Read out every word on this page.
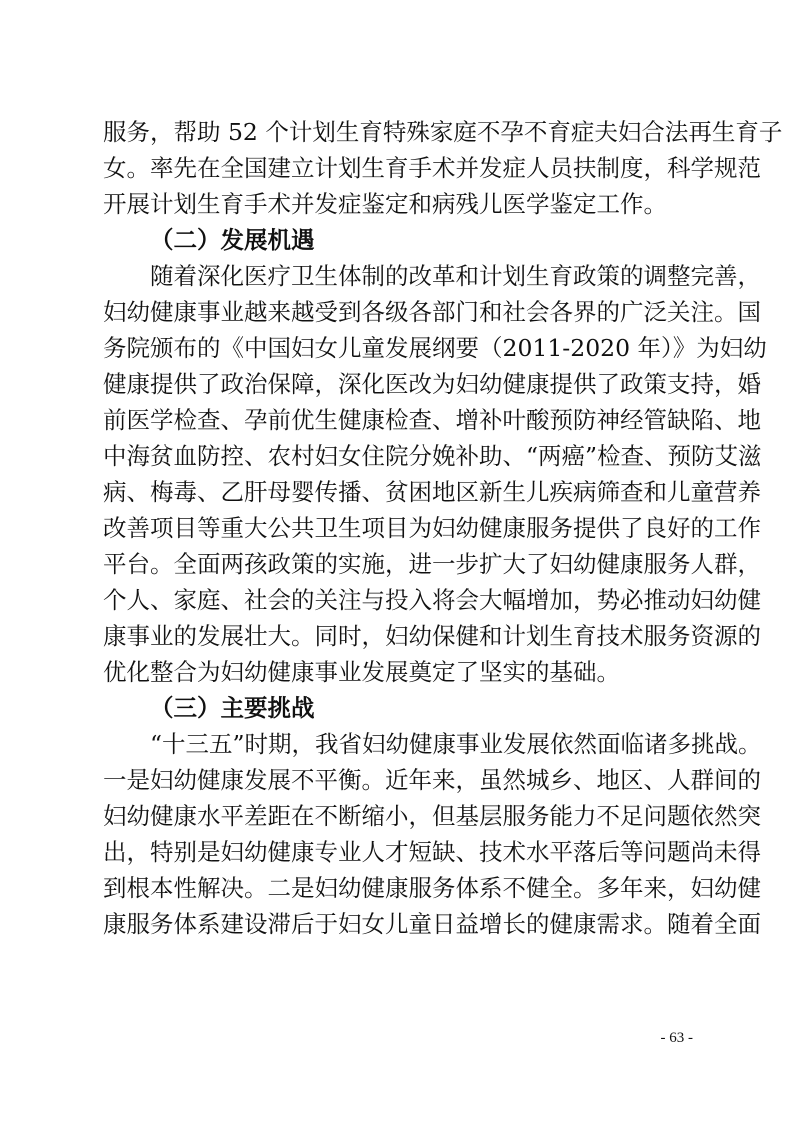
服务，帮助 52 个计划生育特殊家庭不孕不育症夫妇合法再生育子
女。率先在全国建立计划生育手术并发症人员扶制度，科学规范
开展计划生育手术并发症鉴定和病残儿医学鉴定工作。
（二）发展机遇
随着深化医疗卫生体制的改革和计划生育政策的调整完善，
妇幼健康事业越来越受到各级各部门和社会各界的广泛关注。国
务院颁布的《中国妇女儿童发展纲要（2011-2020 年）》为妇幼
健康提供了政治保障，深化医改为妇幼健康提供了政策支持，婚
前医学检查、孕前优生健康检查、增补叶酸预防神经管缺陷、地
中海贫血防控、农村妇女住院分娩补助、“两癌”检查、预防艾滋
病、梅毒、乙肝母婴传播、贫困地区新生儿疾病筛查和儿童营养
改善项目等重大公共卫生项目为妇幼健康服务提供了良好的工作
平台。全面两孩政策的实施，进一步扩大了妇幼健康服务人群，
个人、家庭、社会的关注与投入将会大幅增加，势必推动妇幼健
康事业的发展壮大。同时，妇幼保健和计划生育技术服务资源的
优化整合为妇幼健康事业发展奠定了坚实的基础。
（三）主要挑战
“十三五”时期，我省妇幼健康事业发展依然面临诸多挑战。
一是妇幼健康发展不平衡。近年来，虽然城乡、地区、人群间的
妇幼健康水平差距在不断缩小，但基层服务能力不足问题依然突
出，特别是妇幼健康专业人才短缺、技术水平落后等问题尚未得
到根本性解决。二是妇幼健康服务体系不健全。多年来，妇幼健
康服务体系建设滞后于妇女儿童日益增长的健康需求。随着全面
- 63 -
